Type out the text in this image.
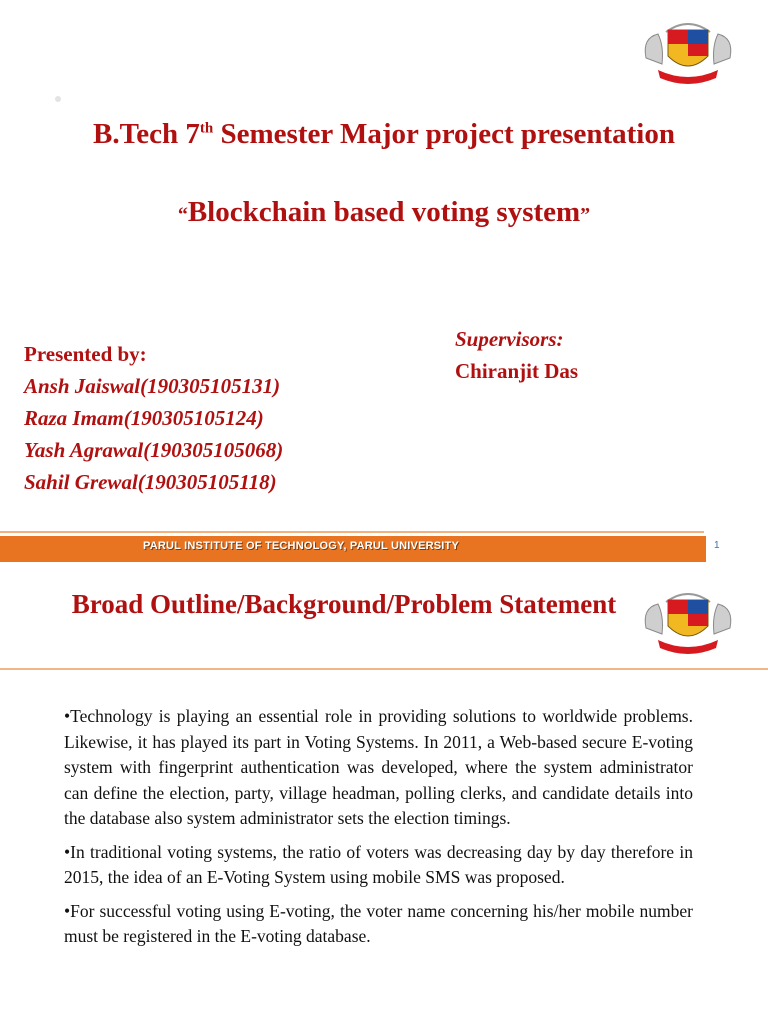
B.Tech 7th Semester Major project presentation
“Blockchain based voting system”
Presented by:
Ansh Jaiswal(190305105131)
Raza Imam(190305105124)
Yash Agrawal(190305105068)
Sahil Grewal(190305105118)
Supervisors:
Chiranjit Das
PARUL INSTITUTE OF TECHNOLOGY, PARUL UNIVERSITY	1
Broad Outline/Background/Problem Statement

•Technology is playing an essential role in providing solutions to worldwide problems. Likewise, it has played its part in Voting Systems. In 2011, a Web-based secure E-voting system with fingerprint authentication was developed, where the system administrator can define the election, party, village headman, polling clerks, and candidate details into the database also system administrator sets the election timings.

•In traditional voting systems, the ratio of voters was decreasing day by day therefore in 2015, the idea of an E-Voting System using mobile SMS was proposed.

•For successful voting using E-voting, the voter name concerning his/her mobile number must be registered in the E-voting database.
